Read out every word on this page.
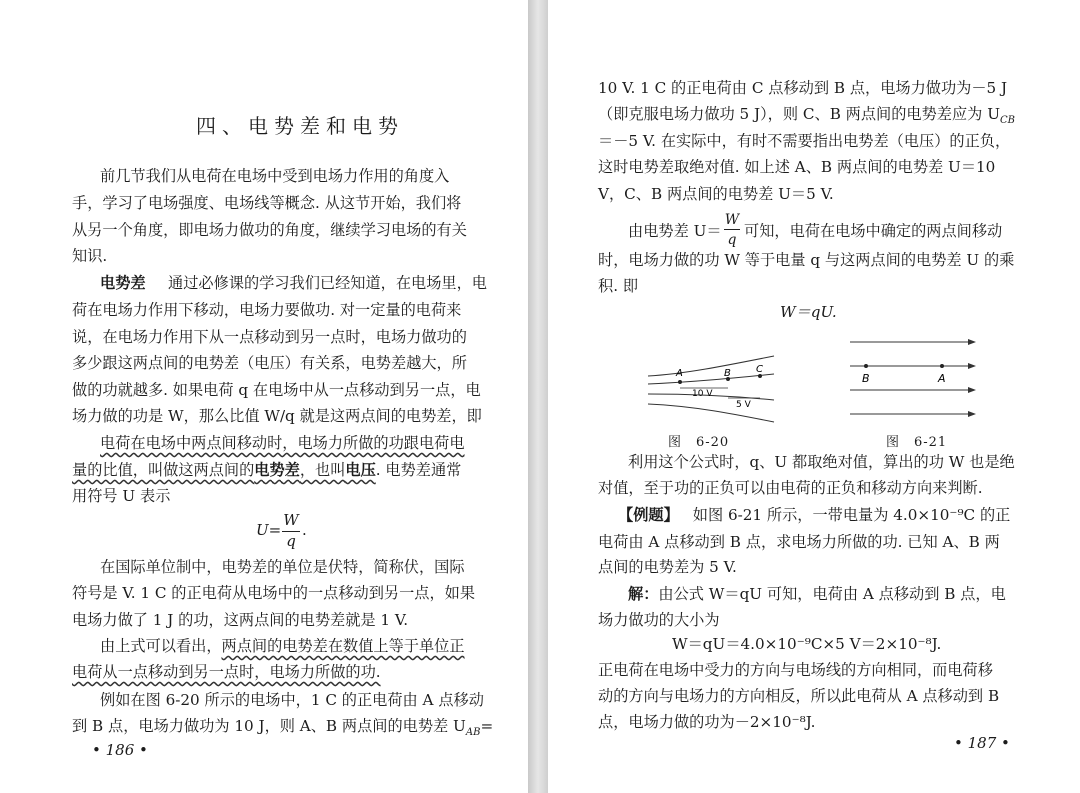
四、电势差和电势
前几节我们从电荷在电场中受到电场力作用的角度入
手，学习了电场强度、电场线等概念. 从这节开始，我们将
从另一个角度，即电场力做功的角度，继续学习电场的有关
知识.
电势差 通过必修课的学习我们已经知道，在电场里，电
荷在电场力作用下移动，电场力要做功. 对一定量的电荷来
说，在电场力作用下从一点移动到另一点时，电场力做功的
多少跟这两点间的电势差（电压）有关系，电势差越大，所
做的功就越多. 如果电荷 q 在电场中从一点移动到另一点，电
场力做的功是 W，那么比值 W/q 就是这两点间的电势差，即
电荷在电场中两点间移动时，电场力所做的功跟电荷电
量的比值，叫做这两点间的电势差，也叫电压. 电势差通常
用符号 U 表示
U=
W
q
.
在国际单位制中，电势差的单位是伏特，简称伏，国际
符号是 V. 1 C 的正电荷从电场中的一点移动到另一点，如果
电场力做了 1 J 的功，这两点间的电势差就是 1 V.
由上式可以看出，两点间的电势差在数值上等于单位正
电荷从一点移动到另一点时，电场力所做的功.
例如在图 6-20 所示的电场中，1 C 的正电荷由 A 点移动
到 B 点，电场力做功为 10 J，则 A、B 两点间的电势差 $U_{AB}=$
• 186 •
10 V. 1 C 的正电荷由 C 点移动到 B 点，电场力做功为－5 J
（即克服电场力做功 5 J），则 C、B 两点间的电势差应为 $U_{CB}$
＝－5 V. 在实际中，有时不需要指出电势差（电压）的正负，
这时电势差取绝对值. 如上述 A、B 两点间的电势差 U＝10
V，C、B 两点间的电势差 U＝5 V.
由电势差 U＝
W
q 可知，电荷在电场中确定的两点间移动
时，电场力做的功 W 等于电量 q 与这两点间的电势差 U 的乘
积. 即
W＝qU.
A	B	C
10 V
5 V
图　6-20
B	A
图　6-21
利用这个公式时，q、U 都取绝对值，算出的功 W 也是绝
对值，至于功的正负可以由电荷的正负和移动方向来判断.
【例题】 如图 6-21 所示，一带电量为 4.0×10⁻⁹C 的正
电荷由 A 点移动到 B 点，求电场力所做的功. 已知 A、B 两
点间的电势差为 5 V.
解：由公式 W＝qU 可知，电荷由 A 点移动到 B 点，电
场力做功的大小为
W＝qU＝4.0×10⁻⁹C×5 V＝2×10⁻⁸J.
正电荷在电场中受力的方向与电场线的方向相同，而电荷移
动的方向与电场力的方向相反，所以此电荷从 A 点移动到 B
点，电场力做的功为－2×10⁻⁸J.
• 187 •
